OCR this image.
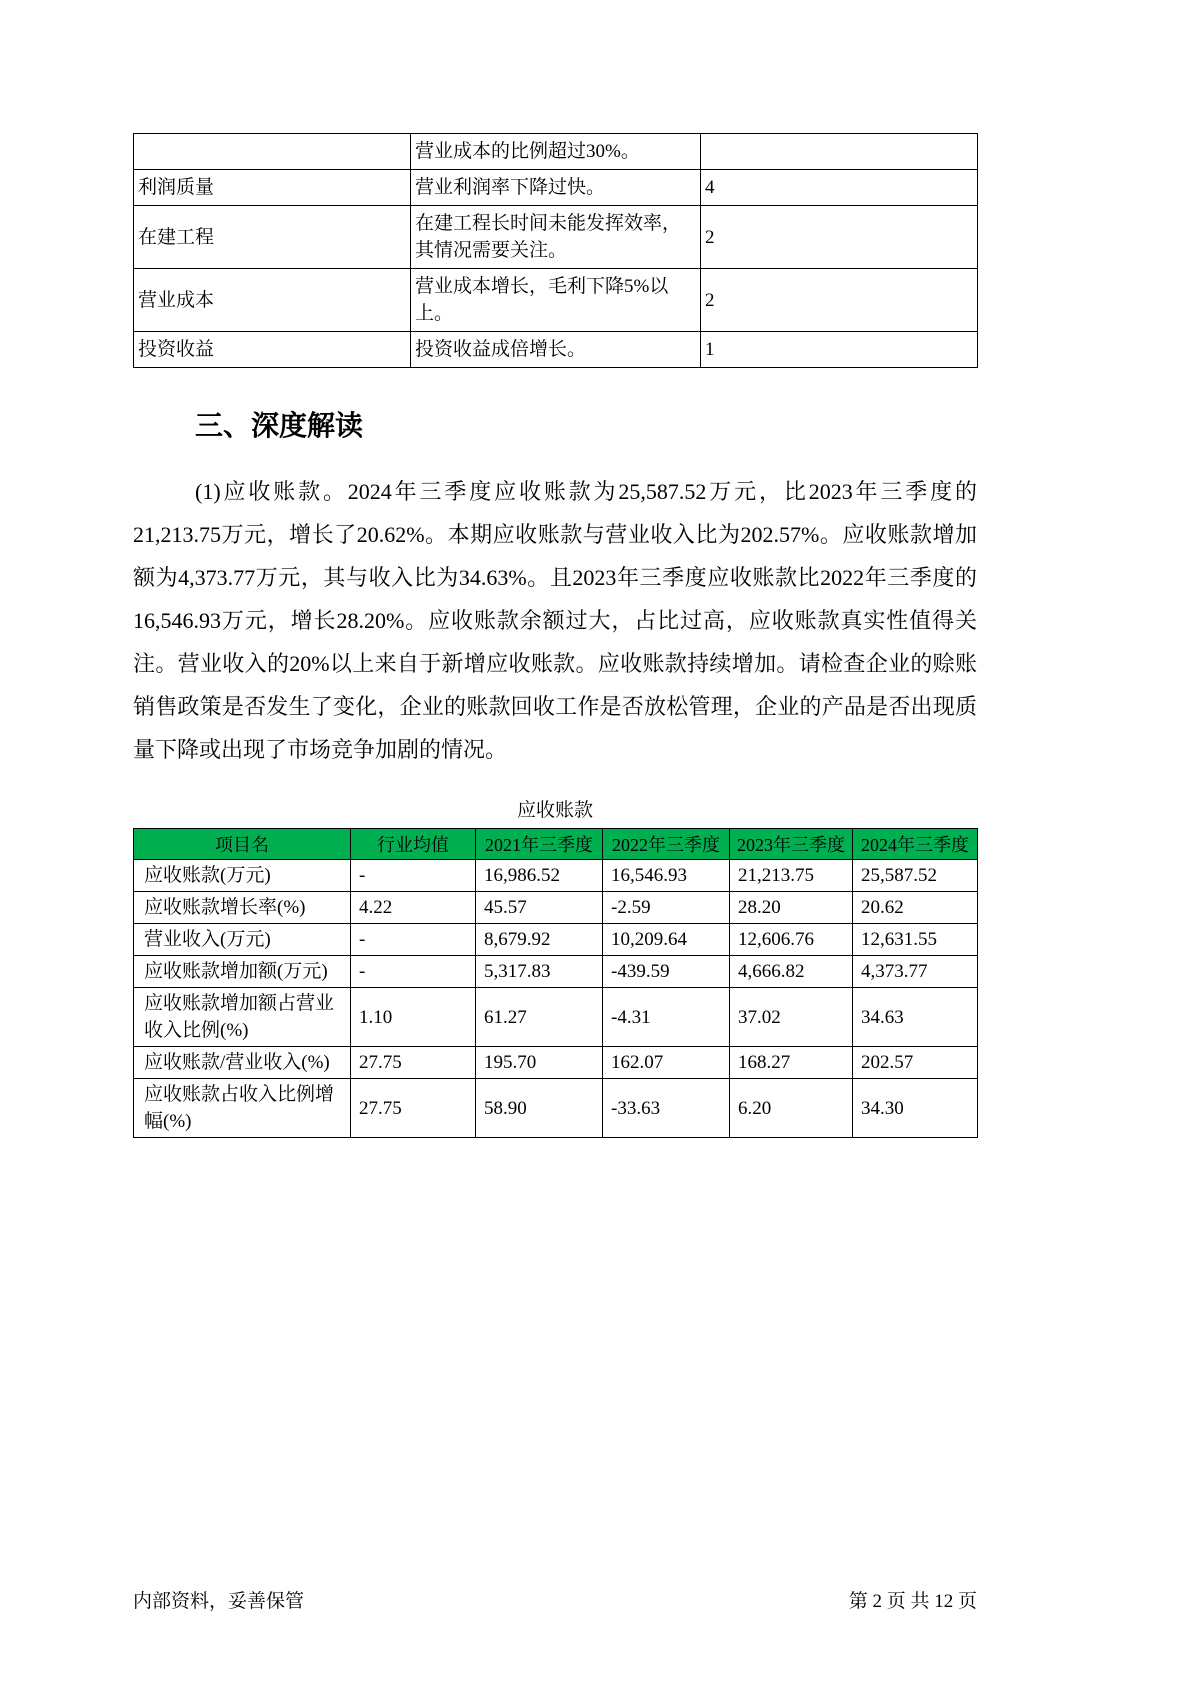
	营业成本的比例超过30%。	
利润质量	营业利润率下降过快。	4
在建工程	在建工程长时间未能发挥效率，其情况需要关注。	2
营业成本	营业成本增长，毛利下降5%以上。	2
投资收益	投资收益成倍增长。	1
三、深度解读

(1)应收账款。2024年三季度应收账款为25,587.52万元，比2023年三季度的21,213.75万元，增长了20.62%。本期应收账款与营业收入比为202.57%。应收账款增加额为4,373.77万元，其与收入比为34.63%。且2023年三季度应收账款比2022年三季度的16,546.93万元，增长28.20%。应收账款余额过大，占比过高，应收账款真实性值得关注。营业收入的20%以上来自于新增应收账款。应收账款持续增加。请检查企业的赊账销售政策是否发生了变化，企业的账款回收工作是否放松管理，企业的产品是否出现质量下降或出现了市场竞争加剧的情况。

应收账款
项目名	行业均值	2021年三季度	2022年三季度	2023年三季度	2024年三季度
应收账款(万元)	-	16,986.52	16,546.93	21,213.75	25,587.52
应收账款增长率(%)	4.22	45.57	-2.59	28.20	20.62
营业收入(万元)	-	8,679.92	10,209.64	12,606.76	12,631.55
应收账款增加额(万元)	-	5,317.83	-439.59	4,666.82	4,373.77
应收账款增加额占营业收入比例(%)	1.10	61.27	-4.31	37.02	34.63
应收账款/营业收入(%)	27.75	195.70	162.07	168.27	202.57
应收账款占收入比例增幅(%)	27.75	58.90	-33.63	6.20	34.30
内部资料，妥善保管	第 2 页 共 12 页
